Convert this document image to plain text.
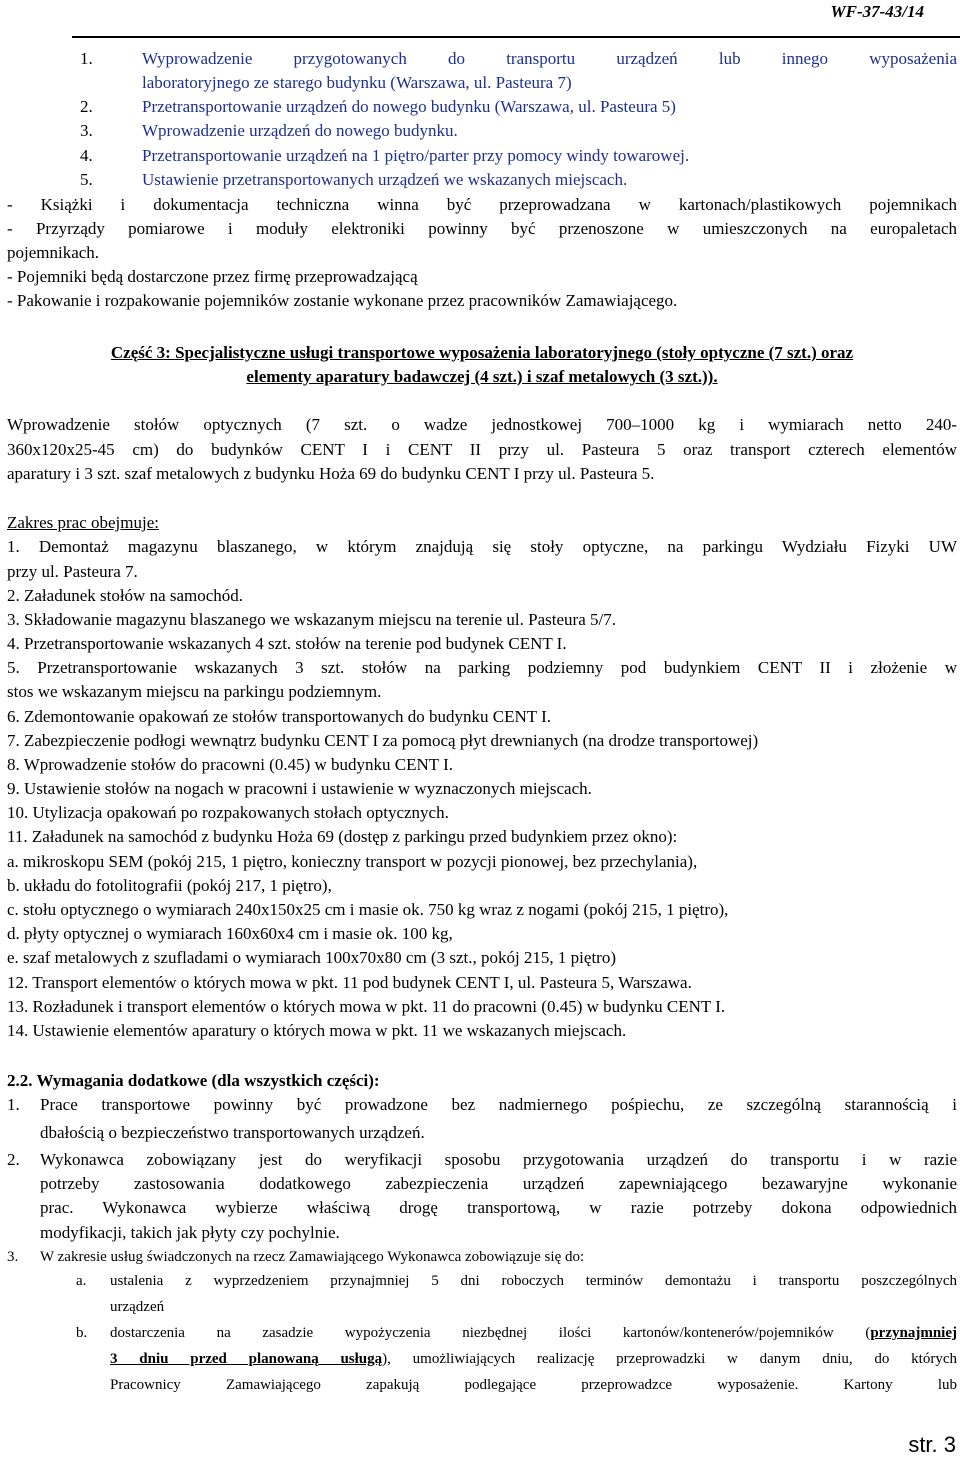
WF-37-43/14
1.	Wyprowadzenie przygotowanych do transportu urządzeń lub innego wyposażenia
laboratoryjnego ze starego budynku (Warszawa, ul. Pasteura 7)
2.	Przetransportowanie urządzeń do nowego budynku (Warszawa, ul. Pasteura 5)
3.	Wprowadzenie urządzeń do nowego budynku.
4.	Przetransportowanie urządzeń na 1 piętro/parter przy pomocy windy towarowej.
5.	Ustawienie przetransportowanych urządzeń we wskazanych miejscach.
- Książki i dokumentacja techniczna winna być przeprowadzana w kartonach/plastikowych pojemnikach
- Przyrządy pomiarowe i moduły elektroniki powinny być przenoszone w umieszczonych na europaletach
pojemnikach.
- Pojemniki będą dostarczone przez firmę przeprowadzającą
- Pakowanie i rozpakowanie pojemników zostanie wykonane przez pracowników Zamawiającego.
Część 3: Specjalistyczne usługi transportowe wyposażenia laboratoryjnego (stoły optyczne (7 szt.) oraz
elementy aparatury badawczej (4 szt.) i szaf metalowych (3 szt.)).
Wprowadzenie stołów optycznych (7 szt. o wadze jednostkowej 700–1000 kg i wymiarach netto 240-
360x120x25-45 cm) do budynków CENT I i CENT II przy ul. Pasteura 5 oraz transport czterech elementów
aparatury i 3 szt. szaf metalowych z budynku Hoża 69 do budynku CENT I przy ul. Pasteura 5.
Zakres prac obejmuje:
1. Demontaż magazynu blaszanego, w którym znajdują się stoły optyczne, na parkingu Wydziału Fizyki UW
przy ul. Pasteura 7.
2. Załadunek stołów na samochód.
3. Składowanie magazynu blaszanego we wskazanym miejscu na terenie ul. Pasteura 5/7.
4. Przetransportowanie wskazanych 4 szt. stołów na terenie pod budynek CENT I.
5. Przetransportowanie wskazanych 3 szt. stołów na parking podziemny pod budynkiem CENT II i złożenie w
stos we wskazanym miejscu na parkingu podziemnym.
6. Zdemontowanie opakowań ze stołów transportowanych do budynku CENT I.
7. Zabezpieczenie podłogi wewnątrz budynku CENT I za pomocą płyt drewnianych (na drodze transportowej)
8. Wprowadzenie stołów do pracowni (0.45) w budynku CENT I.
9. Ustawienie stołów na nogach w pracowni i ustawienie w wyznaczonych miejscach.
10. Utylizacja opakowań po rozpakowanych stołach optycznych.
11. Załadunek na samochód z budynku Hoża 69 (dostęp z parkingu przed budynkiem przez okno):
a. mikroskopu SEM (pokój 215, 1 piętro, konieczny transport w pozycji pionowej, bez przechylania),
b. układu do fotolitografii (pokój 217, 1 piętro),
c. stołu optycznego o wymiarach 240x150x25 cm i masie ok. 750 kg wraz z nogami (pokój 215, 1 piętro),
d. płyty optycznej o wymiarach 160x60x4 cm i masie ok. 100 kg,
e. szaf metalowych z szufladami o wymiarach 100x70x80 cm (3 szt., pokój 215, 1 piętro)
12. Transport elementów o których mowa w pkt. 11 pod budynek CENT I, ul. Pasteura 5, Warszawa.
13. Rozładunek i transport elementów o których mowa w pkt. 11 do pracowni (0.45) w budynku CENT I.
14. Ustawienie elementów aparatury o których mowa w pkt. 11 we wskazanych miejscach.
2.2. Wymagania dodatkowe (dla wszystkich części):
1. Prace transportowe powinny być prowadzone bez nadmiernego pośpiechu, ze szczególną starannością i
dbałością o bezpieczeństwo transportowanych urządzeń.
2. Wykonawca zobowiązany jest do weryfikacji sposobu przygotowania urządzeń do transportu i w razie
potrzeby zastosowania dodatkowego zabezpieczenia urządzeń zapewniającego bezawaryjne wykonanie
prac. Wykonawca wybierze właściwą drogę transportową, w razie potrzeby dokona odpowiednich
modyfikacji, takich jak płyty czy pochylnie.
3. W zakresie usług świadczonych na rzecz Zamawiającego Wykonawca zobowiązuje się do:
a. ustalenia z wyprzedzeniem przynajmniej 5 dni roboczych terminów demontażu i transportu poszczególnych
urządzeń
b. dostarczenia na zasadzie wypożyczenia niezbędnej ilości kartonów/kontenerów/pojemników (przynajmniej
3 dniu przed planowaną usługą), umożliwiających realizację przeprowadzki w danym dniu, do których
Pracownicy Zamawiającego zapakują podlegające przeprowadzce wyposażenie. Kartony lub
str. 3
